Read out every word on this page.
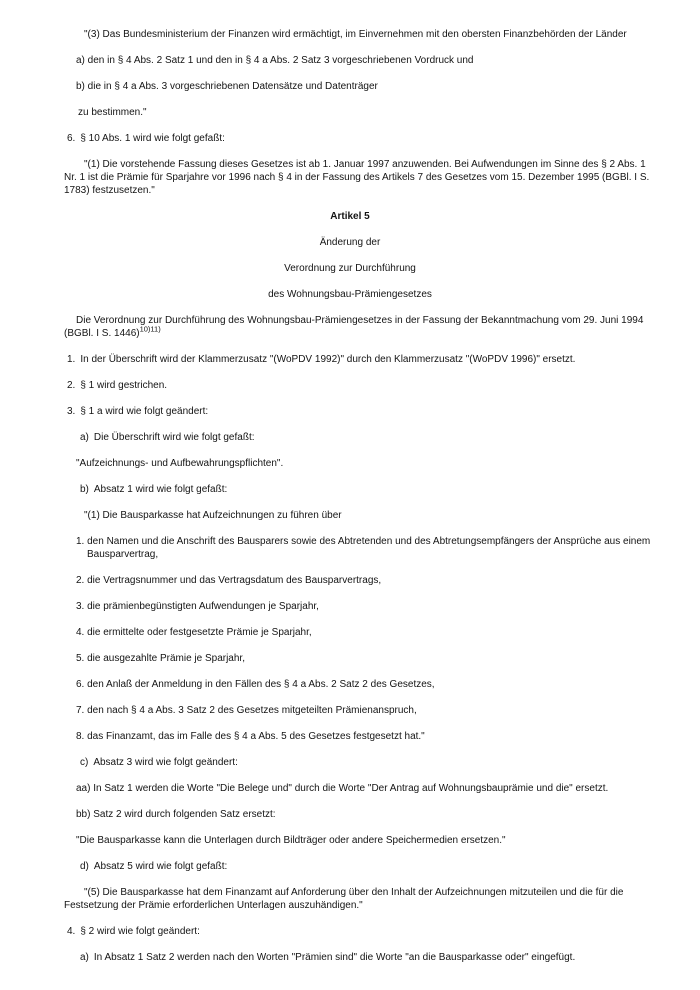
"(3) Das Bundesministerium der Finanzen wird ermächtigt, im Einvernehmen mit den obersten Finanzbehörden der Länder

a) den in § 4 Abs. 2 Satz 1 und den in § 4 a Abs. 2 Satz 3 vorgeschriebenen Vordruck und

b) die in § 4 a Abs. 3 vorgeschriebenen Datensätze und Datenträger

zu bestimmen."

6. § 10 Abs. 1 wird wie folgt gefaßt:

"(1) Die vorstehende Fassung dieses Gesetzes ist ab 1. Januar 1997 anzuwenden. Bei Aufwendungen im Sinne des § 2 Abs. 1 Nr. 1 ist die Prämie für Sparjahre vor 1996 nach § 4 in der Fassung des Artikels 7 des Gesetzes vom 15. Dezember 1995 (BGBl. I S. 1783) festzusetzen."

Artikel 5

Änderung der

Verordnung zur Durchführung

des Wohnungsbau-Prämiengesetzes

Die Verordnung zur Durchführung des Wohnungsbau-Prämiengesetzes in der Fassung der Bekanntmachung vom 29. Juni 1994 (BGBl. I S. 1446)$^{10)11)}$

1. In der Überschrift wird der Klammerzusatz "(WoPDV 1992)" durch den Klammerzusatz "(WoPDV 1996)" ersetzt.

2. § 1 wird gestrichen.

3. § 1 a wird wie folgt geändert:

a) Die Überschrift wird wie folgt gefaßt:

"Aufzeichnungs- und Aufbewahrungspflichten".

b) Absatz 1 wird wie folgt gefaßt:

"(1) Die Bausparkasse hat Aufzeichnungen zu führen über

1. den Namen und die Anschrift des Bausparers sowie des Abtretenden und des Abtretungsempfängers der Ansprüche aus einem Bausparvertrag,

2. die Vertragsnummer und das Vertragsdatum des Bausparvertrags,

3. die prämienbegünstigten Aufwendungen je Sparjahr,

4. die ermittelte oder festgesetzte Prämie je Sparjahr,

5. die ausgezahlte Prämie je Sparjahr,

6. den Anlaß der Anmeldung in den Fällen des § 4 a Abs. 2 Satz 2 des Gesetzes,

7. den nach § 4 a Abs. 3 Satz 2 des Gesetzes mitgeteilten Prämienanspruch,

8. das Finanzamt, das im Falle des § 4 a Abs. 5 des Gesetzes festgesetzt hat."

c) Absatz 3 wird wie folgt geändert:

aa) In Satz 1 werden die Worte "Die Belege und" durch die Worte "Der Antrag auf Wohnungsbauprämie und die" ersetzt.

bb) Satz 2 wird durch folgenden Satz ersetzt:

"Die Bausparkasse kann die Unterlagen durch Bildträger oder andere Speichermedien ersetzen."

d) Absatz 5 wird wie folgt gefaßt:

"(5) Die Bausparkasse hat dem Finanzamt auf Anforderung über den Inhalt der Aufzeichnungen mitzuteilen und die für die Festsetzung der Prämie erforderlichen Unterlagen auszuhändigen."

4. § 2 wird wie folgt geändert:

a) In Absatz 1 Satz 2 werden nach den Worten "Prämien sind" die Worte "an die Bausparkasse oder" eingefügt.
